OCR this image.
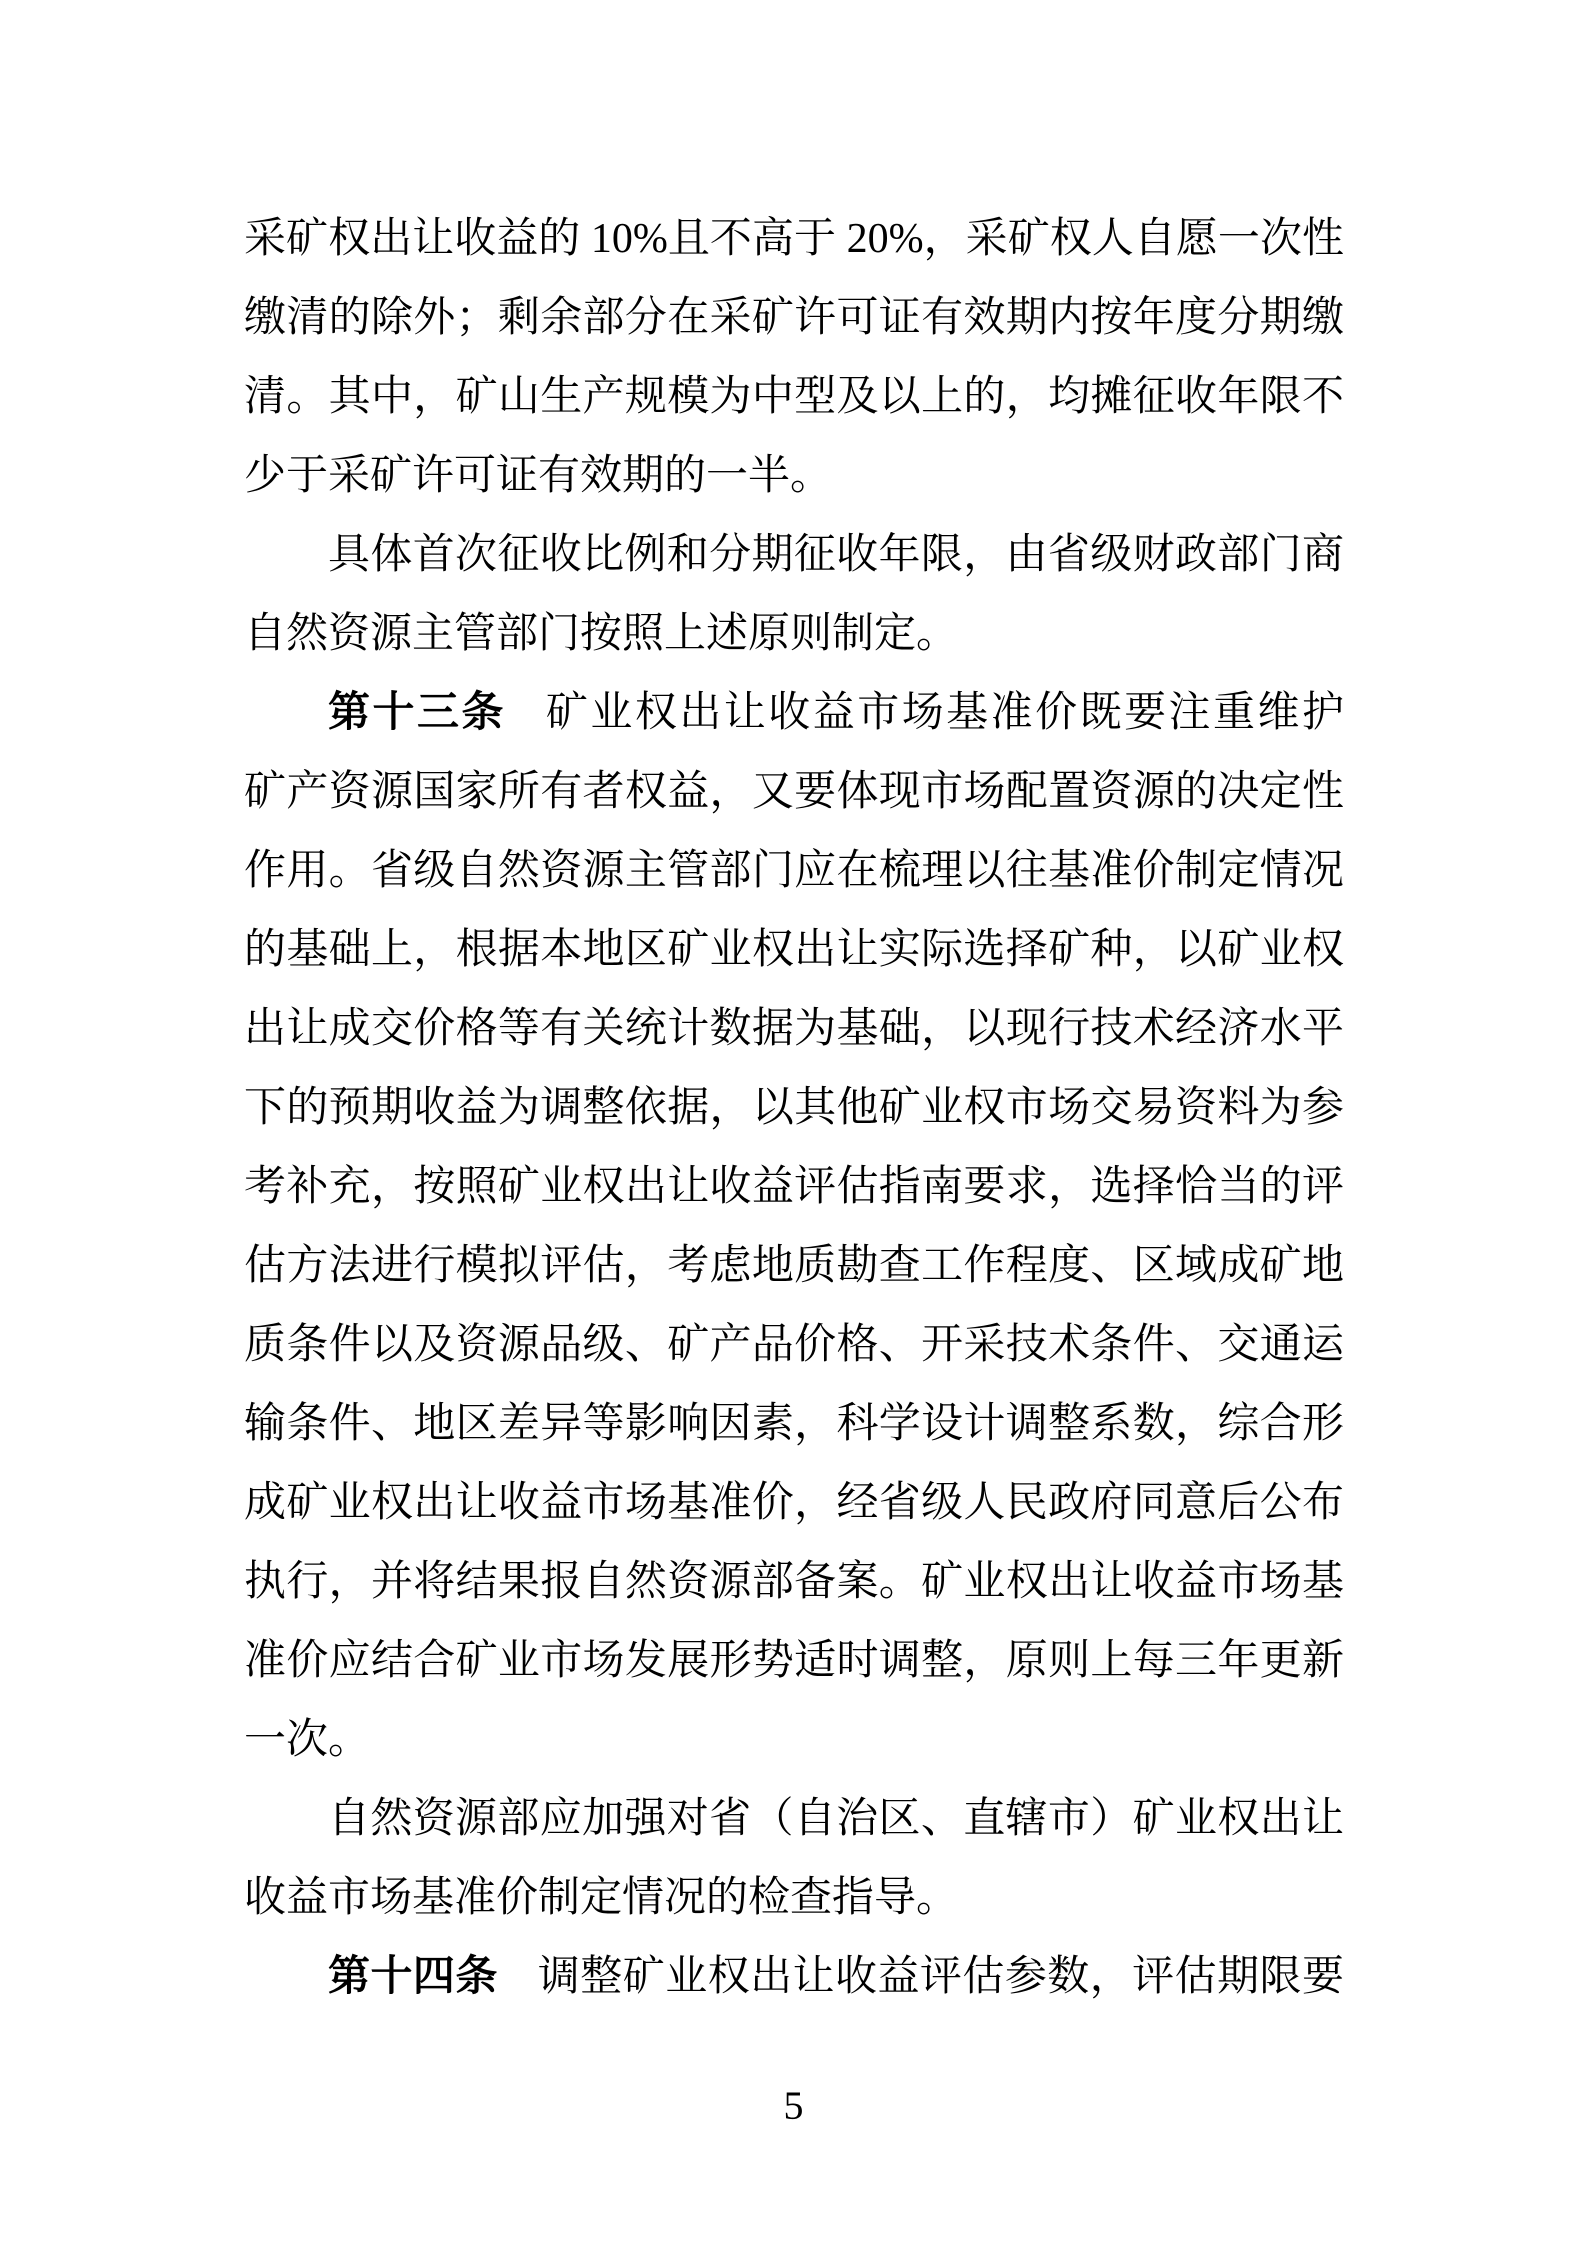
采矿权出让收益的 10%且不高于 20%，采矿权人自愿一次性
缴清的除外；剩余部分在采矿许可证有效期内按年度分期缴
清。其中，矿山生产规模为中型及以上的，均摊征收年限不
少于采矿许可证有效期的一半。
具体首次征收比例和分期征收年限，由省级财政部门商
自然资源主管部门按照上述原则制定。
第十三条 矿业权出让收益市场基准价既要注重维护
矿产资源国家所有者权益，又要体现市场配置资源的决定性
作用。省级自然资源主管部门应在梳理以往基准价制定情况
的基础上，根据本地区矿业权出让实际选择矿种，以矿业权
出让成交价格等有关统计数据为基础，以现行技术经济水平
下的预期收益为调整依据，以其他矿业权市场交易资料为参
考补充，按照矿业权出让收益评估指南要求，选择恰当的评
估方法进行模拟评估，考虑地质勘查工作程度、区域成矿地
质条件以及资源品级、矿产品价格、开采技术条件、交通运
输条件、地区差异等影响因素，科学设计调整系数，综合形
成矿业权出让收益市场基准价，经省级人民政府同意后公布
执行，并将结果报自然资源部备案。矿业权出让收益市场基
准价应结合矿业市场发展形势适时调整，原则上每三年更新
一次。
自然资源部应加强对省（自治区、直辖市）矿业权出让
收益市场基准价制定情况的检查指导。
第十四条 调整矿业权出让收益评估参数，评估期限要
5
